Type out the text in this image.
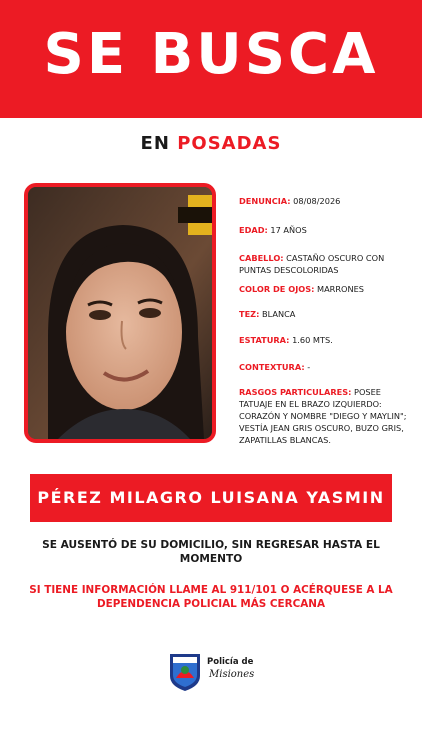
SE BUSCA
EN POSADAS
DENUNCIA: 08/08/2026
EDAD: 17 AÑOS
CABELLO: CASTAÑO OSCURO CON PUNTAS DESCOLORIDAS
COLOR DE OJOS: MARRONES
TEZ: BLANCA
ESTATURA: 1.60 MTS.
CONTEXTURA: -
RASGOS PARTICULARES: POSEE TATUAJE EN EL BRAZO IZQUIERDO: CORAZÓN Y NOMBRE "DIEGO Y MAYLIN"; VESTÍA JEAN GRIS OSCURO, BUZO GRIS, ZAPATILLAS BLANCAS.
PÉREZ MILAGRO LUISANA YASMIN
SE AUSENTÓ DE SU DOMICILIO, SIN REGRESAR HASTA EL MOMENTO
SI TIENE INFORMACIÓN LLAME AL 911/101 O ACÉRQUESE A LA DEPENDENCIA POLICIAL MÁS CERCANA
Policía de
Misiones
